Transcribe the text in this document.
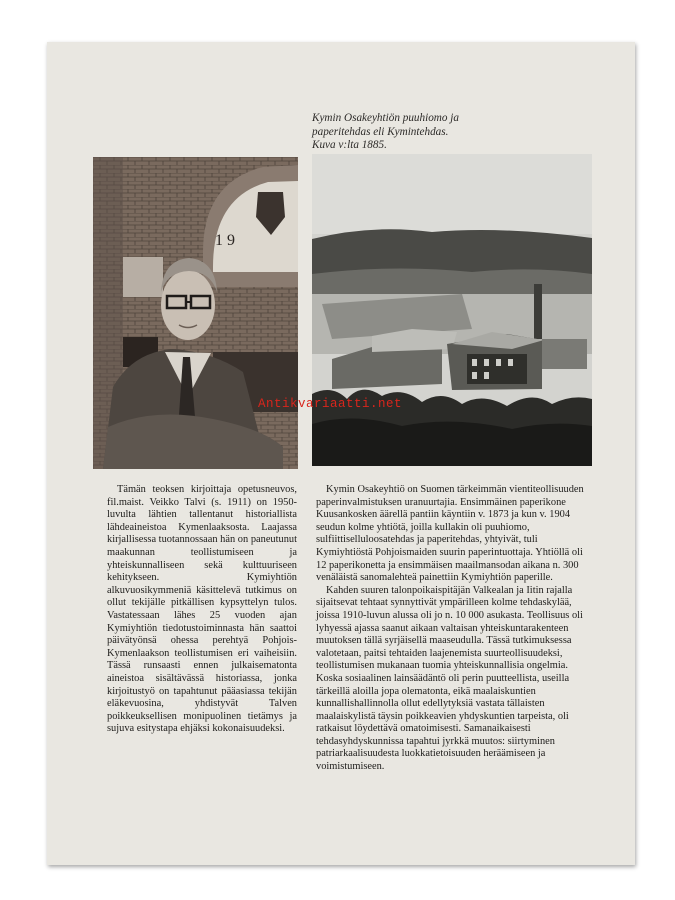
Kymin Osakeyhtiön puuhiomo ja
paperitehdas eli Kymintehdas.
Kuva v:lta 1885.
1 9

Tämän teoksen kirjoittaja opetusneuvos, fil.maist. Veikko Talvi (s. 1911) on 1950-luvulta lähtien tallentanut historiallista lähdeaineistoa Kymenlaaksosta. Laajassa kirjallisessa tuotannossaan hän on paneutunut maakunnan teollistumiseen ja yhteiskunnalliseen sekä kulttuuriseen kehitykseen. Kymiyhtiön alkuvuosikymmeniä käsittelevä tutkimus on ollut tekijälle pitkällisen kypsyttelyn tulos. Vastatessaan lähes 25 vuoden ajan Kymiyhtiön tiedotustoiminnasta hän saattoi päivätyönsä ohessa perehtyä Pohjois-Kymenlaakson teollistumisen eri vaiheisiin. Tässä runsaasti ennen julkaisematonta aineistoa sisältävässä historiassa, jonka kirjoitustyö on tapahtunut pääasiassa tekijän eläkevuosina, yhdistyvät Talven poikkeuksellisen monipuolinen tietämys ja sujuva esitystapa ehjäksi kokonaisuudeksi.

Kymin Osakeyhtiö on Suomen tärkeimmän vientiteollisuuden paperinvalmistuksen uranuurtajia. Ensimmäinen paperikone Kuusankosken äärellä pantiin käyntiin v. 1873 ja kun v. 1904 seudun kolme yhtiötä, joilla kullakin oli puuhiomo, sulfiittiselluloosatehdas ja paperitehdas, yhtyivät, tuli Kymiyhtiöstä Pohjoismaiden suurin paperintuottaja. Yhtiöllä oli 12 paperikonetta ja ensimmäisen maailmansodan aikana n. 300 venäläistä sanomalehteä painettiin Kymiyhtiön paperille.

Kahden suuren talonpoikaispitäjän Valkealan ja Iitin rajalla sijaitsevat tehtaat synnyttivät ympärilleen kolme tehdaskylää, joissa 1910-luvun alussa oli jo n. 10 000 asukasta. Teollisuus oli lyhyessä ajassa saanut aikaan valtaisan yhteiskuntarakenteen muutoksen tällä syrjäisellä maaseudulla. Tässä tutkimuksessa valotetaan, paitsi tehtaiden laajenemista suurteollisuudeksi, teollistumisen mukanaan tuomia yhteiskunnallisia ongelmia. Koska sosiaalinen lainsäädäntö oli perin puutteellista, useilla tärkeillä aloilla jopa olematonta, eikä maalaiskuntien kunnallishallinnolla ollut edellytyksiä vastata tällaisten maalaiskylistä täysin poikkeavien yhdyskuntien tarpeista, oli ratkaisut löydettävä omatoimisesti. Samanaikaisesti tehdasyhdyskunnissa tapahtui jyrkkä muutos: siirtyminen patriarkaalisuudesta luokkatietoisuuden heräämiseen ja voimistumiseen.

Antikvariaatti.net
